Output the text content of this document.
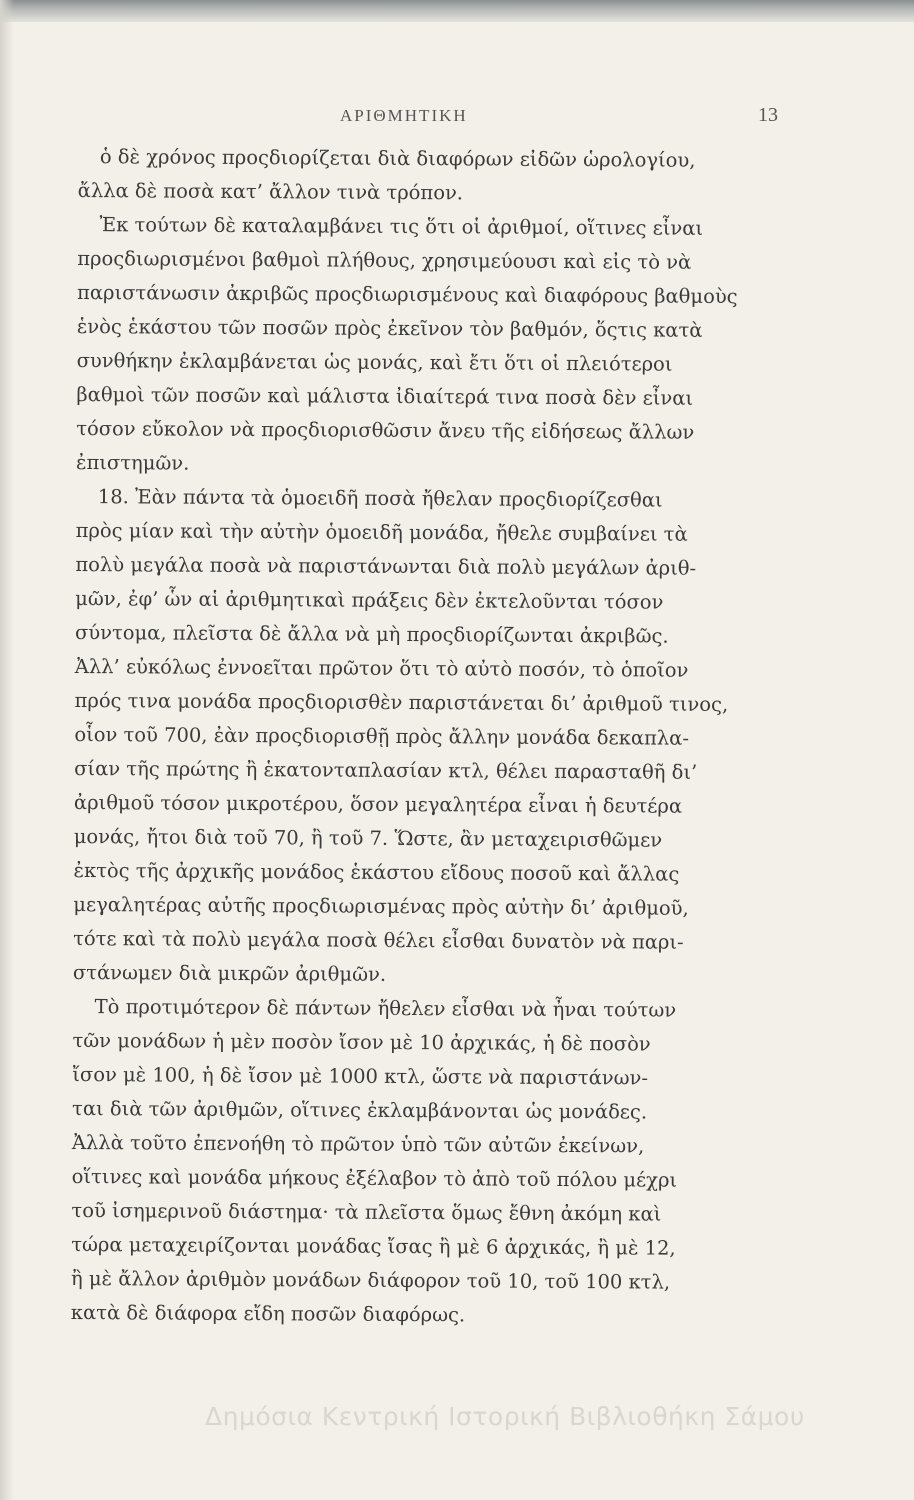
ΑΡΙΘΜΗΤΙΚΗ	13
ὁ δὲ χρόνος προςδιορίζεται διὰ διαφόρων εἰδῶν ὡρολογίου,
ἄλλα δὲ ποσὰ κατ’ ἄλλον τινὰ τρόπον.
Ἐκ τούτων δὲ καταλαμβάνει τις ὅτι οἱ ἀριθμοί, οἵτινες εἶναι
προςδιωρισμένοι βαθμοὶ πλήθους, χρησιμεύουσι καὶ εἰς τὸ νὰ
παριστάνωσιν ἀκριβῶς προςδιωρισμένους καὶ διαφόρους βαθμοὺς
ἑνὸς ἑκάστου τῶν ποσῶν πρὸς ἐκεῖνον τὸν βαθμόν, ὅςτις κατὰ
συνθήκην ἐκλαμβάνεται ὡς μονάς, καὶ ἔτι ὅτι οἱ πλειότεροι
βαθμοὶ τῶν ποσῶν καὶ μάλιστα ἰδιαίτερά τινα ποσὰ δὲν εἶναι
τόσον εὔκολον νὰ προςδιορισθῶσιν ἄνευ τῆς εἰδήσεως ἄλλων
ἐπιστημῶν.
18. Ἐὰν πάντα τὰ ὁμοειδῆ ποσὰ ἤθελαν προςδιορίζεσθαι
πρὸς μίαν καὶ τὴν αὐτὴν ὁμοειδῆ μονάδα, ἤθελε συμβαίνει τὰ
πολὺ μεγάλα ποσὰ νὰ παριστάνωνται διὰ πολὺ μεγάλων ἀριθ-
μῶν, ἐφ’ ὧν αἱ ἀριθμητικαὶ πράξεις δὲν ἐκτελοῦνται τόσον
σύντομα, πλεῖστα δὲ ἄλλα νὰ μὴ προςδιορίζωνται ἀκριβῶς.
Ἀλλ’ εὐκόλως ἐννοεῖται πρῶτον ὅτι τὸ αὐτὸ ποσόν, τὸ ὁποῖον
πρός τινα μονάδα προςδιορισθὲν παριστάνεται δι’ ἀριθμοῦ τινος,
οἷον τοῦ 700, ἐὰν προςδιορισθῇ πρὸς ἄλλην μονάδα δεκαπλα-
σίαν τῆς πρώτης ἢ ἑκατονταπλασίαν κτλ, θέλει παρασταθῆ δι’
ἀριθμοῦ τόσον μικροτέρου, ὅσον μεγαλητέρα εἶναι ἡ δευτέρα
μονάς, ἤτοι διὰ τοῦ 70, ἢ τοῦ 7. Ὥστε, ἂν μεταχειρισθῶμεν
ἐκτὸς τῆς ἀρχικῆς μονάδος ἑκάστου εἴδους ποσοῦ καὶ ἄλλας
μεγαλητέρας αὐτῆς προςδιωρισμένας πρὸς αὐτὴν δι’ ἀριθμοῦ,
τότε καὶ τὰ πολὺ μεγάλα ποσὰ θέλει εἶσθαι δυνατὸν νὰ παρι-
στάνωμεν διὰ μικρῶν ἀριθμῶν.
Τὸ προτιμότερον δὲ πάντων ἤθελεν εἶσθαι νὰ ἦναι τούτων
τῶν μονάδων ἡ μὲν ποσὸν ἴσον μὲ 10 ἀρχικάς, ἡ δὲ ποσὸν
ἴσον μὲ 100, ἡ δὲ ἴσον μὲ 1000 κτλ, ὥστε νὰ παριστάνων-
ται διὰ τῶν ἀριθμῶν, οἵτινες ἐκλαμβάνονται ὡς μονάδες.
Ἀλλὰ τοῦτο ἐπενοήθη τὸ πρῶτον ὑπὸ τῶν αὐτῶν ἐκείνων,
οἵτινες καὶ μονάδα μήκους ἐξέλαβον τὸ ἀπὸ τοῦ πόλου μέχρι
τοῦ ἰσημερινοῦ διάστημα· τὰ πλεῖστα ὅμως ἔθνη ἀκόμη καὶ
τώρα μεταχειρίζονται μονάδας ἴσας ἢ μὲ 6 ἀρχικάς, ἢ μὲ 12,
ἢ μὲ ἄλλον ἀριθμὸν μονάδων διάφορον τοῦ 10, τοῦ 100 κτλ,
κατὰ δὲ διάφορα εἴδη ποσῶν διαφόρως.
Δημόσια Κεντρική Ιστορική Βιβλιοθήκη Σάμου
